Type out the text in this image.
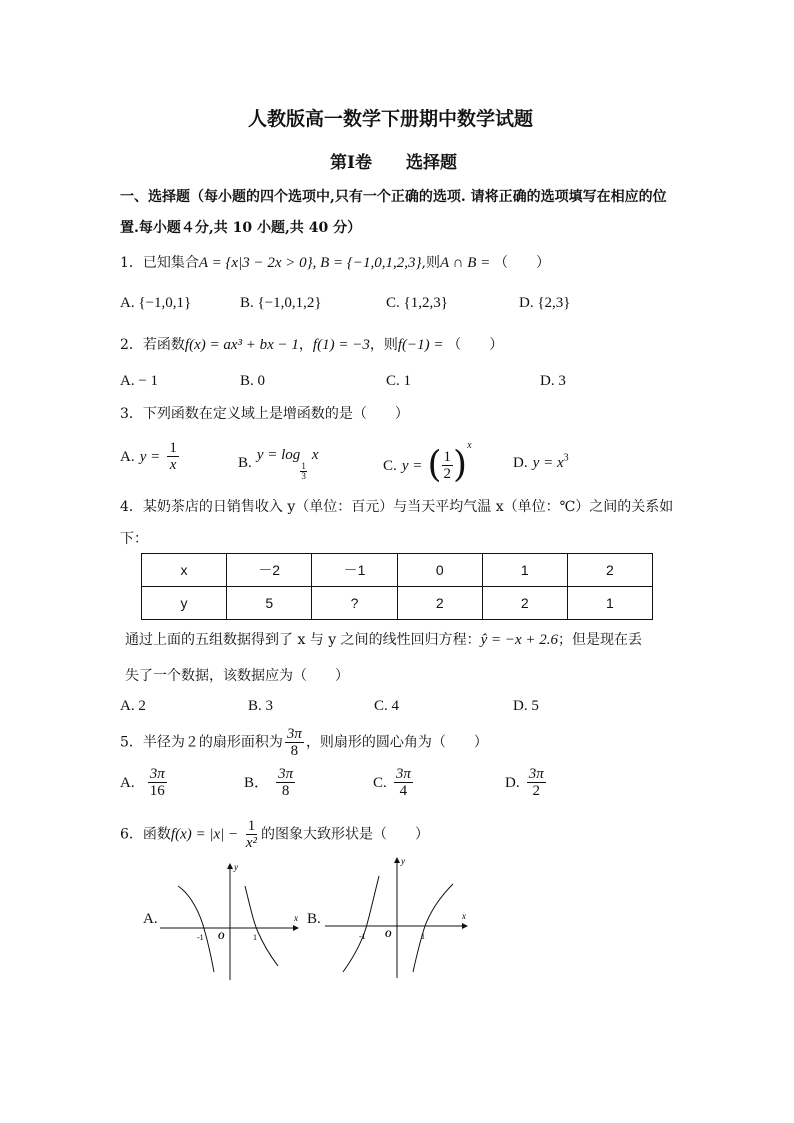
人教版高一数学下册期中数学试题
第Ⅰ卷　　选择题
一、选择题（每小题的四个选项中,只有一个正确的选项. 请将正确的选项填写在相应的位
置.每小题４分,共 10 小题,共 40 分）
1．已知集合A = {x|3 − 2x > 0}, B = {−1,0,1,2,3},则A ∩ B = （　　）
A. {−1,0,1}	B. {−1,0,1,2}	C. {1,2,3}	D. {2,3}
2．若函数f(x) = ax³ + bx − 1，f(1) = −3，则f(−1) = （　　）
A. − 1	B. 0	C. 1	D. 3
3．下列函数在定义域上是增函数的是（　　）
A. $y = \frac{1}{x}$	B. y = log
$\frac{1}{3}$
x
C. y = ( $\frac{1}{2} )^x$
D. $y = x^3$
4．某奶茶店的日销售收入 y（单位：百元）与当天平均气温 x（单位：℃）之间的关系如
下：
x	－2	－1	0	1	2
y	5	?	2	2	1
通过上面的五组数据得到了 x 与 y 之间的线性回归方程：ŷ = −x + 2.6；但是现在丢
失了一个数据，该数据应为（　　）
A. 2	B. 3	C. 4	D. 5
5．半径为２的扇形面积为 $\frac{3\pi}{8}$ ，则扇形的圆心角为（　　）
A. $\frac{3\pi}{16}$	B． $\frac{3\pi}{8}$	C. $\frac{3\pi}{4}$	D. $\frac{3\pi}{2}$
6．函数$f(x) = |x| - \frac{1}{\text{x²}}$ 的图象大致形状是（　　）
A.	x
y
O
-1	1
B.	x
y
O
-1	1
